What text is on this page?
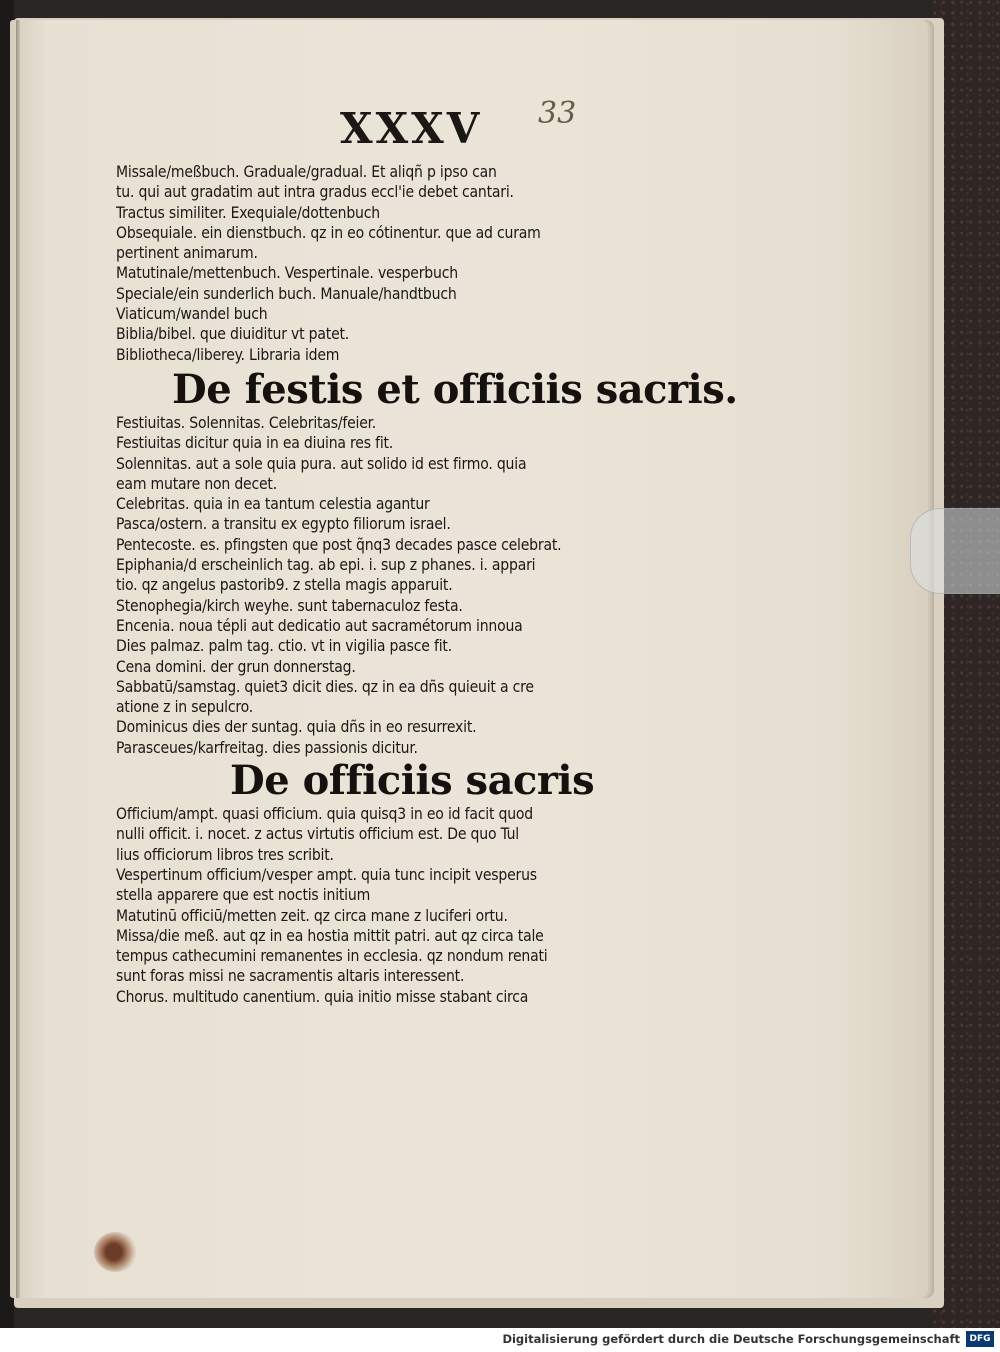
XXXV 33
Missale/meßbuch. Graduale/gradual. Et aliqñ p ipso can
tu. qui aut gradatim aut intra gradus eccl'ie debet cantari.
Tractus similiter. Exequiale/dottenbuch
Obsequiale. ein dienstbuch. qz in eo cótinentur. que ad curam
pertinent animarum.
Matutinale/mettenbuch. Vespertinale. vesperbuch
Speciale/ein sunderlich buch. Manuale/handtbuch
Viaticum/wandel buch
Biblia/bibel. que diuiditur vt patet.
Bibliotheca/liberey. Libraria idem
De festis et officiis sacris.
Festiuitas. Solennitas. Celebritas/feier.
Festiuitas dicitur quia in ea diuina res fit.
Solennitas. aut a sole quia pura. aut solido id est firmo. quia
eam mutare non decet.
Celebritas. quia in ea tantum celestia agantur
Pasca/ostern. a transitu ex egypto filiorum israel.
Pentecoste. es. pfingsten que post q̃nq3 decades pasce celebrat.
Epiphania/d erscheinlich tag. ab epi. i. sup z phanes. i. appari
tio. qz angelus pastorib9. z stella magis apparuit.
Stenophegia/kirch weyhe. sunt tabernaculoz festa.
Encenia. noua tépli aut dedicatio aut sacramétorum innoua
Dies palmaz. palm tag. ctio. vt in vigilia pasce fit.
Cena domini. der grun donnerstag.
Sabbatū/samstag. quiet3 dicit dies. qz in ea dñs quieuit a cre
atione z in sepulcro.
Dominicus dies der suntag. quia dñs in eo resurrexit.
Parasceues/karfreitag. dies passionis dicitur.
De officiis sacris
Officium/ampt. quasi officium. quia quisq3 in eo id facit quod
nulli officit. i. nocet. z actus virtutis officium est. De quo Tul
lius officiorum libros tres scribit.
Vespertinum officium/vesper ampt. quia tunc incipit vesperus
stella apparere que est noctis initium
Matutinū officiū/metten zeit. qz circa mane z luciferi ortu.
Missa/die meß. aut qz in ea hostia mittit patri. aut qz circa tale
tempus cathecumini remanentes in ecclesia. qz nondum renati
sunt foras missi ne sacramentis altaris interessent.
Chorus. multitudo canentium. quia initio misse stabant circa
Digitalisierung gefördert durch die Deutsche Forschungsgemeinschaft	DFG
